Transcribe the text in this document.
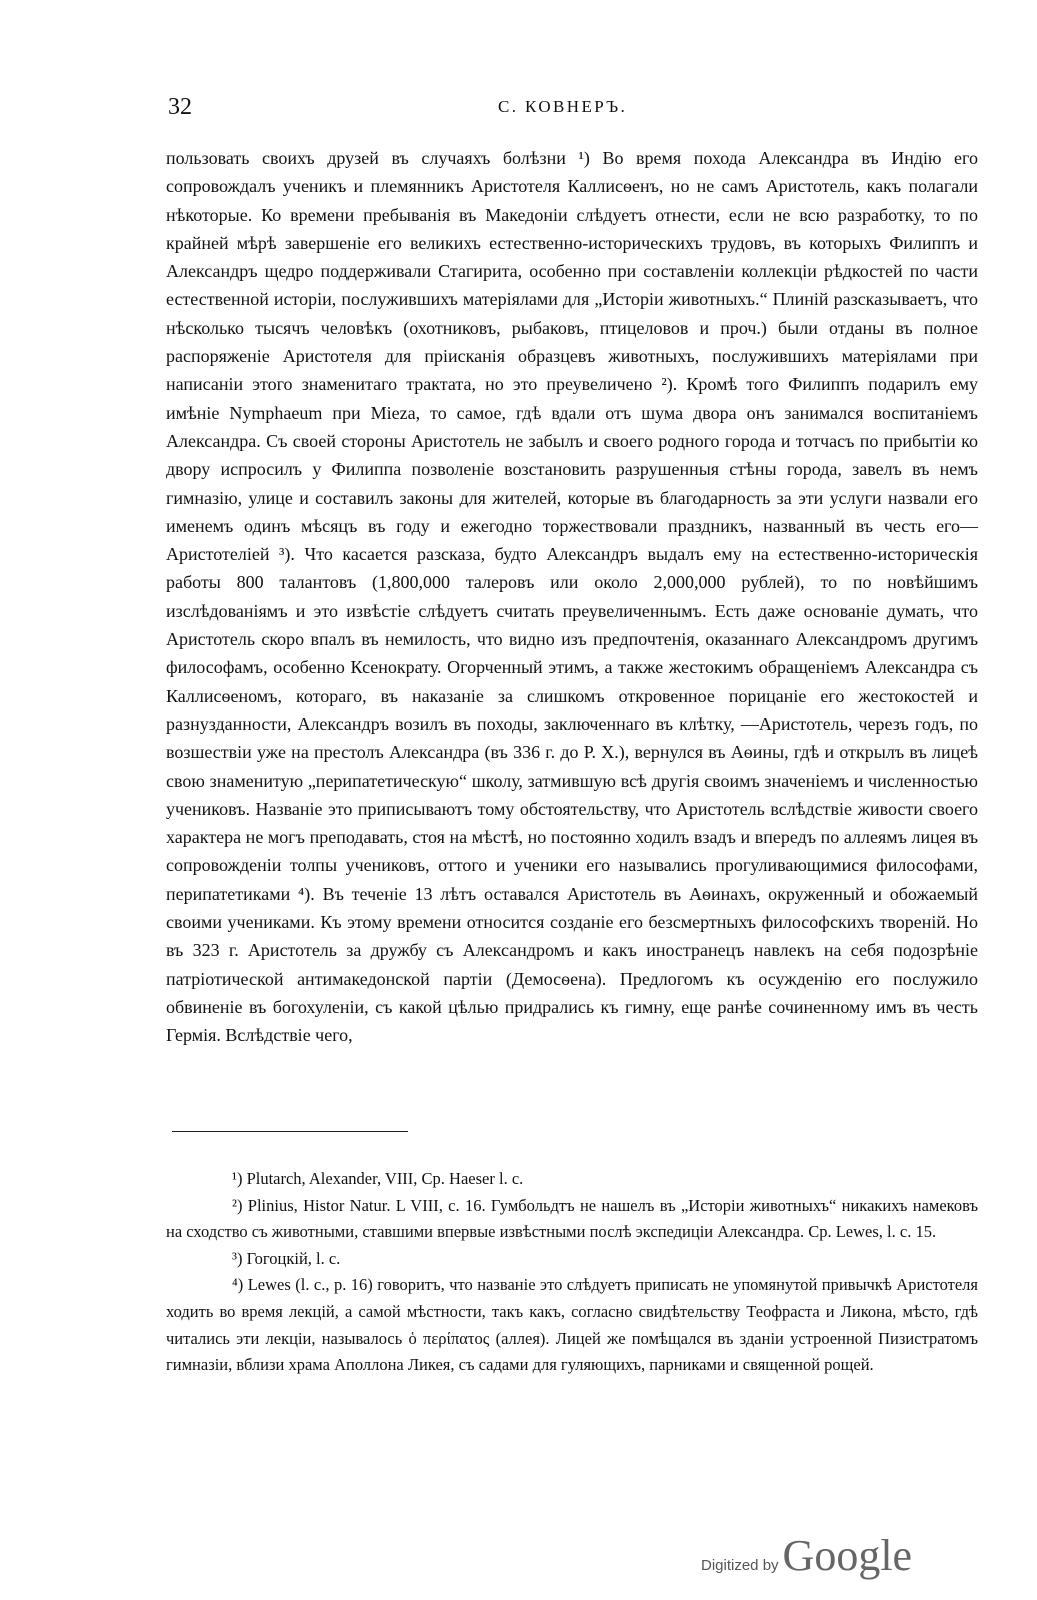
32	С. КОВНЕРЪ.
пользовать своихъ друзей въ случаяхъ болѣзни ¹) Во время похода Александра въ Индію его сопровождалъ ученикъ и племянникъ Аристотеля Каллисѳенъ, но не самъ Аристотель, какъ полагали нѣкоторые. Ко времени пребыванія въ Македоніи слѣдуетъ отнести, если не всю разработку, то по крайней мѣрѣ завершеніе его великихъ естественно-историческихъ трудовъ, въ которыхъ Филиппъ и Александръ щедро поддерживали Стагирита, особенно при составленіи коллекціи рѣдкостей по части естественной исторіи, послужившихъ матеріялами для „Исторіи животныхъ.“ Плиній разсказываетъ, что нѣсколько тысячъ человѣкъ (охотниковъ, рыбаковъ, птицеловов и проч.) были отданы въ полное распоряженіе Аристотеля для пріисканія образцевъ животныхъ, послужившихъ матеріялами при написаніи этого знаменитаго трактата, но это преувеличено ²). Кромѣ того Филиппъ подарилъ ему имѣніе Nymphaeum при Mieza, то самое, гдѣ вдали отъ шума двора онъ занимался воспитаніемъ Александра. Съ своей стороны Аристотель не забылъ и своего родного города и тотчасъ по прибытіи ко двору испросилъ у Филиппа позволеніе возстановить разрушенныя стѣны города, завелъ въ немъ гимназію, улице и составилъ законы для жителей, которые въ благодарность за эти услуги назвали его именемъ одинъ мѣсяцъ въ году и ежегодно торжествовали праздникъ, названный въ честь его—Аристотелiей ³). Что касается разсказа, будто Александръ выдалъ ему на естественно-историческія работы 800 талантовъ (1,800,000 талеровъ или около 2,000,000 рублей), то по новѣйшимъ изслѣдованіямъ и это извѣстіе слѣдуетъ считать преувеличеннымъ. Есть даже основаніе думать, что Аристотель скоро впалъ въ немилость, что видно изъ предпочтенія, оказаннаго Александромъ другимъ философамъ, особенно Ксенократу. Огорченный этимъ, а также жестокимъ обращеніемъ Александра съ Каллисѳеномъ, котораго, въ наказаніе за слишкомъ откровенное порицаніе его жестокостей и разнузданности, Александръ возилъ въ походы, заключеннаго въ клѣтку, —Аристотель, черезъ годъ, по возшествіи уже на престолъ Александра (въ 336 г. до Р. Х.), вернулся въ Аѳины, гдѣ и открылъ въ лицеѣ свою знаменитую „перипатетическую“ школу, затмившую всѣ другія своимъ значеніемъ и численностью учениковъ. Названіе это приписываютъ тому обстоятельству, что Аристотель вслѣдствіе живости своего характера не могъ преподавать, стоя на мѣстѣ, но постоянно ходилъ взадъ и впередъ по аллеямъ лицея въ сопровожденіи толпы учениковъ, оттого и ученики его назывались прогуливающимися философами, перипатетиками ⁴). Въ теченіе 13 лѣтъ оставался Аристотель въ Аѳинахъ, окруженный и обожаемый своими учениками. Къ этому времени относится созданіе его безсмертныхъ философскихъ твореній. Но въ 323 г. Аристотель за дружбу съ Александромъ и какъ иностранецъ навлекъ на себя подозрѣніе патріотической антимакедонской партіи (Демосѳена). Предлогомъ къ осужденію его послужило обвиненіе въ богохуленіи, съ какой цѣлью придрались къ гимну, еще ранѣе сочиненному имъ въ честь Гермія. Вслѣдствіе чего,

¹) Plutarch, Alexander, VIII, Cp. Haeser l. c.

²) Plinius, Histor Natur. L VIII, c. 16. Гумбольдтъ не нашелъ въ „Исторіи животныхъ“ никакихъ намековъ на сходство съ животными, ставшими впервые извѣстными послѣ экспедиціи Александра. Cp. Lewes, l. c. 15.

³) Гогоцкій, l. c.

⁴) Lewes (l. c., p. 16) говоритъ, что названіе это слѣдуетъ приписать не упомянутой привычкѣ Аристотеля ходить во время лекцій, а самой мѣстности, такъ какъ, согласно свидѣтельству Теофраста и Ликона, мѣсто, гдѣ читались эти лекціи, называлось ὁ περίπατος (аллея). Лицей же помѣщался въ зданіи устроенной Пизистратомъ гимназіи, вблизи храма Аполлона Ликея, съ садами для гуляющихъ, парниками и священной рощей.

Digitized by Google
